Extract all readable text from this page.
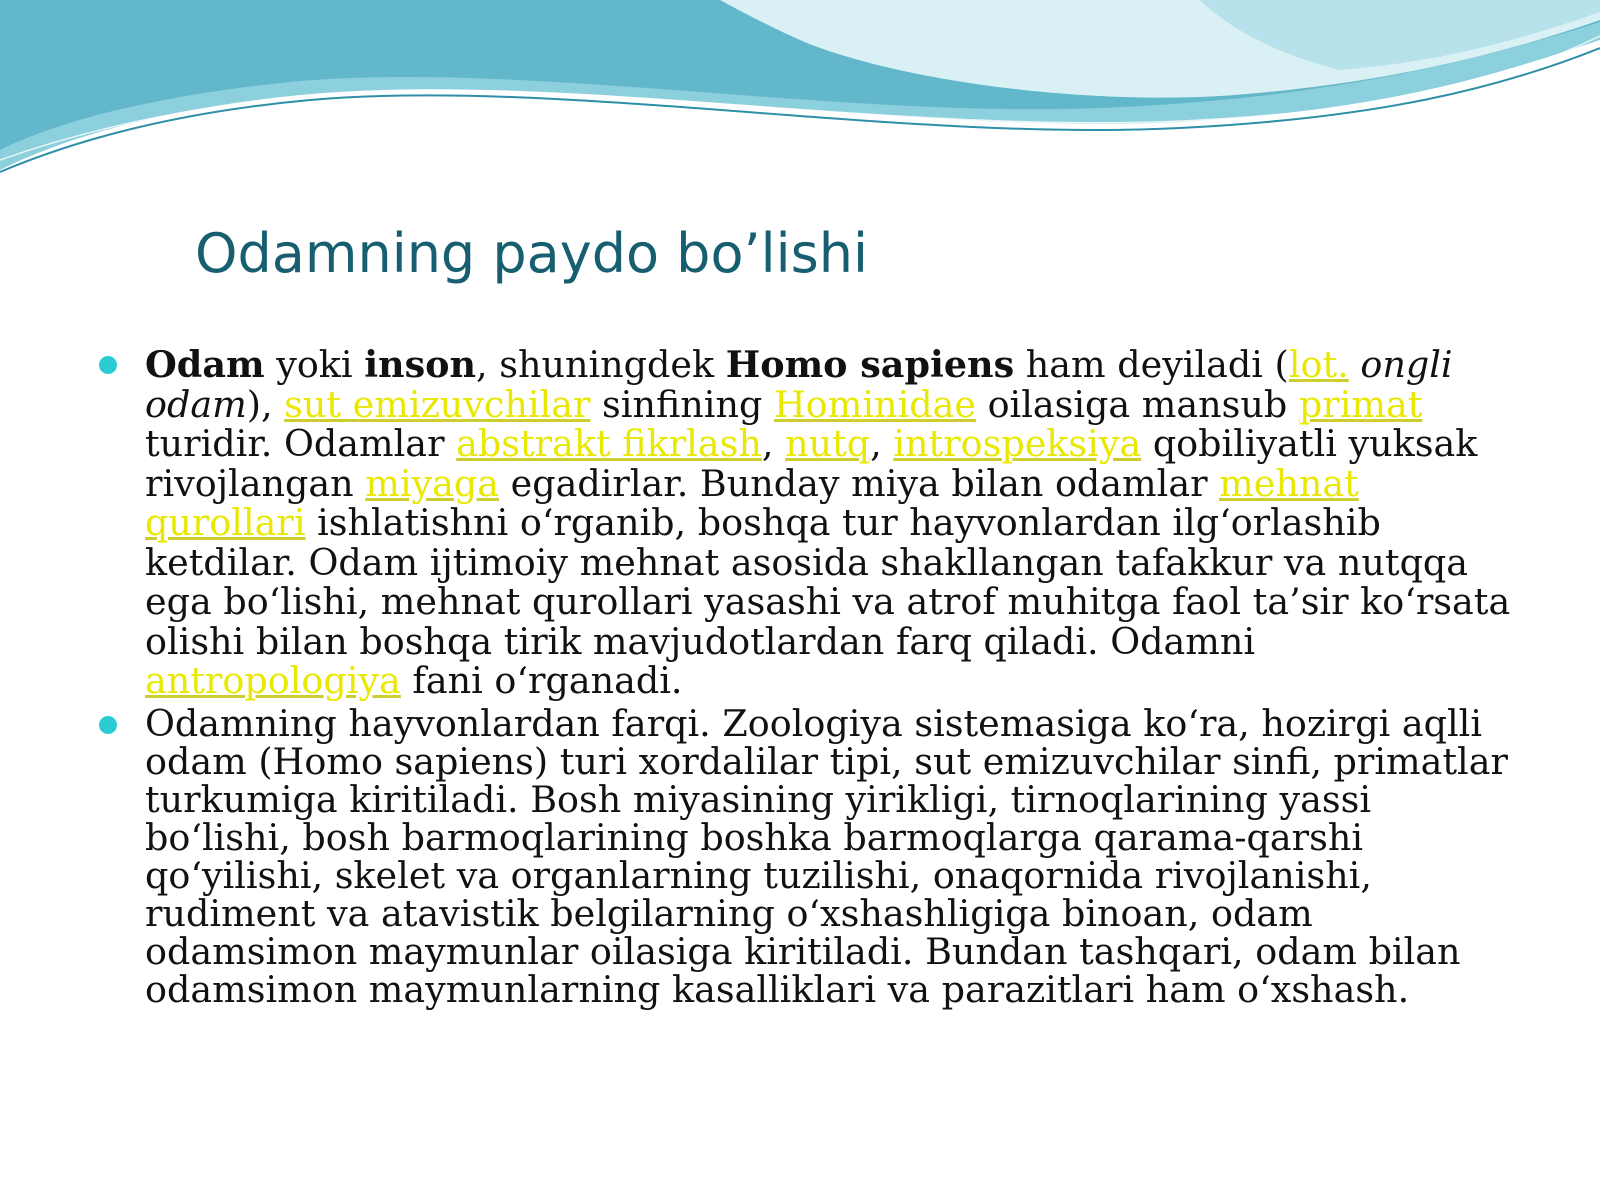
Odamning paydo bo’lishi
Odam yoki inson, shuningdek Homo sapiens ham deyiladi (lot. ongli odam), sut emizuvchilar sinfining Hominidae oilasiga mansub primat turidir. Odamlar abstrakt fikrlash, nutq, introspeksiya qobiliyatli yuksak rivojlangan miyaga egadirlar. Bunday miya bilan odamlar mehnat qurollari ishlatishni o‘rganib, boshqa tur hayvonlardan ilg‘orlashib ketdilar. Odam ijtimoiy mehnat asosida shakllangan tafakkur va nutqqa ega bo‘lishi, mehnat qurollari yasashi va atrof muhitga faol ta’sir ko‘rsata olishi bilan boshqa tirik mavjudotlardan farq qiladi. Odamni antropologiya fani o‘rganadi.
Odamning hayvonlardan farqi. Zoologiya sistemasiga ko‘ra, hozirgi aqlli odam (Homo sapiens) turi xordalilar tipi, sut emizuvchilar sinfi, primatlar turkumiga kiritiladi. Bosh miyasining yirikligi, tirnoqlarining yassi bo‘lishi, bosh barmoqlarining boshka barmoqlarga qarama-qarshi qo‘yilishi, skelet va organlarning tuzilishi, onaqornida rivojlanishi, rudiment va atavistik belgilarning o‘xshashligiga binoan, odam odamsimon maymunlar oilasiga kiritiladi. Bundan tashqari, odam bilan odamsimon maymunlarning kasalliklari va parazitlari ham o‘xshash.
